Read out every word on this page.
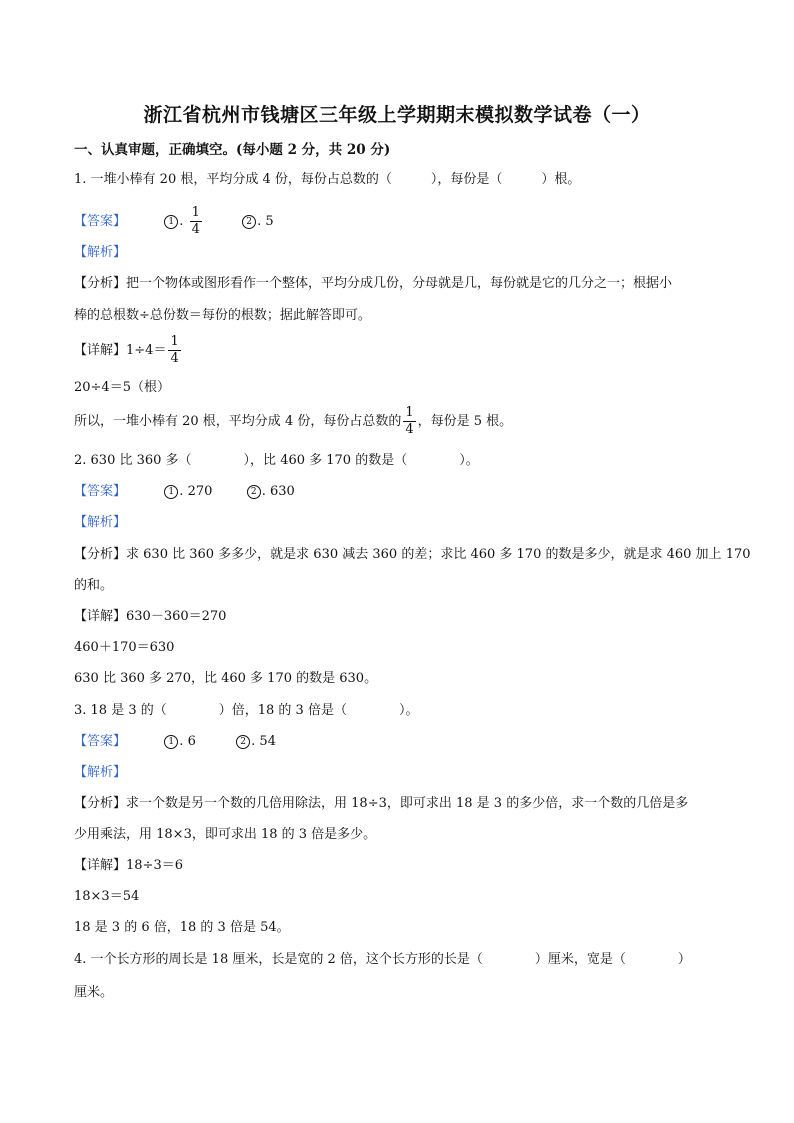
浙江省杭州市钱塘区三年级上学期期末模拟数学试卷（一）
一、认真审题，正确填空。(每小题 2 分，共 20 分)
1. 一堆小棒有 20 根，平均分成 4 份，每份占总数的（　　　），每份是（　　　）根。
【答案】	1 . $\frac{1}{4}$	2 . 5
【解析】
【分析】把一个物体或图形看作一个整体，平均分成几份，分母就是几，每份就是它的几分之一；根据小
棒的总根数÷总份数＝每份的根数；据此解答即可。
【详解】$1\div 4= \frac{1}{4}$
20÷4＝5（根）
所以，一堆小棒有 20 根，平均分成 4 份，每份占总数的 $\frac{1}{4}$ ，每份是 5 根。
2. 630 比 360 多（　　　　），比 460 多 170 的数是（　　　　）。
【答案】	1 . 270	2 . 630
【解析】
【分析】求 630 比 360 多多少，就是求 630 减去 360 的差；求比 460 多 170 的数是多少，就是求 460 加上 170
的和。
【详解】630－360＝270
460＋170＝630
630 比 360 多 270，比 460 多 170 的数是 630。
3. 18 是 3 的（　　　　）倍，18 的 3 倍是（　　　　）。
【答案】	1 . 6	2 . 54
【解析】
【分析】求一个数是另一个数的几倍用除法，用 18÷3，即可求出 18 是 3 的多少倍，求一个数的几倍是多
少用乘法，用 18×3，即可求出 18 的 3 倍是多少。
【详解】18÷3＝6
18×3＝54
18 是 3 的 6 倍，18 的 3 倍是 54。
4. 一个长方形的周长是 18 厘米，长是宽的 2 倍，这个长方形的长是（　　　　）厘米，宽是（　　　　）
厘米。
